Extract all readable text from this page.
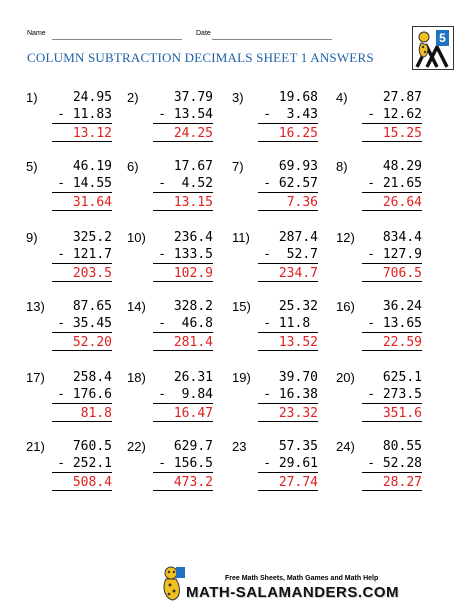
Name	Date
COLUMN SUBTRACTION DECIMALS SHEET 1 ANSWERS
5
1)	24.95
- 11.83
13.12
2)	37.79
- 13.54
24.25
3)	19.68
-  3.43
16.25
4)	27.87
- 12.62
15.25
5)	46.19
- 14.55
31.64
6)	17.67
-  4.52
13.15
7)	69.93
- 62.57
7.36
8)	48.29
- 21.65
26.64
9)	325.2
- 121.7
203.5
10) 236.4
- 133.5
102.9
11) 287.4
-  52.7
234.7
12) 834.4
- 127.9
706.5
13) 87.65
- 35.45
52.20
14) 328.2
-  46.8
281.4
15) 25.32
- 11.8
13.52
16) 36.24
- 13.65
22.59
17) 258.4
- 176.6
81.8
18) 26.31
-  9.84
16.47
19) 39.70
- 16.38
23.32
20) 625.1
- 273.5
351.6
21) 760.5
- 252.1
508.4
22) 629.7
- 156.5
473.2
23 57.35
- 29.61
27.74
24) 80.55
- 52.28
28.27
Free Math Sheets, Math Games and Math Help
MATH-SALAMANDERS.COM
